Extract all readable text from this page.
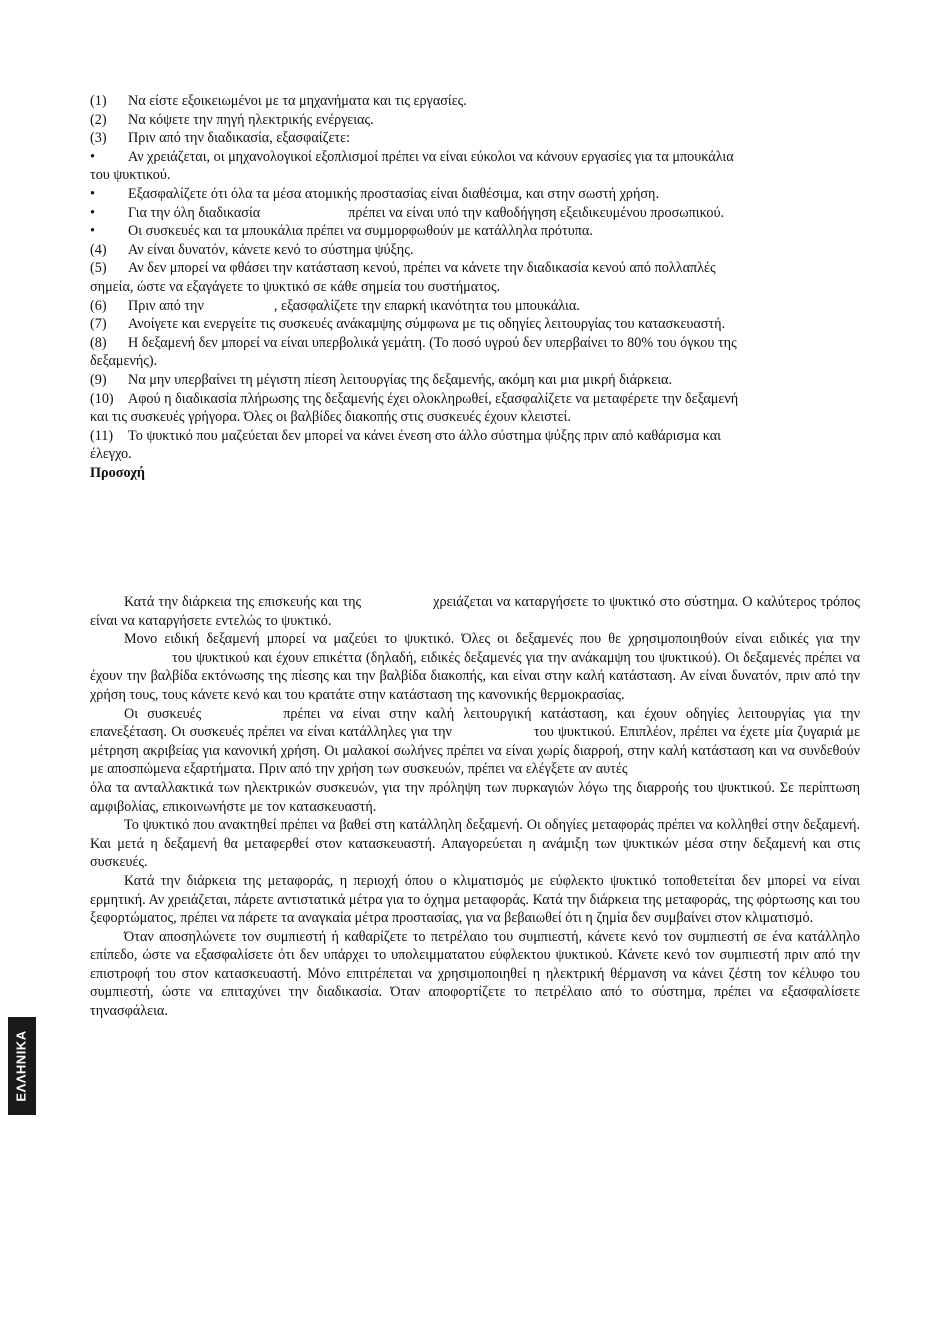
(1) Να είστε εξοικειωμένοι με τα μηχανήματα και τις εργασίες.

(2) Να κόψετε την πηγή ηλεκτρικής ενέργειας.

(3) Πριν από την διαδικασία, εξασφαίζετε:

• Αν χρειάζεται, οι μηχανολογικοί εξοπλισμοί πρέπει να είναι εύκολοι να κάνουν εργασίες για τα μπουκάλια

του ψυκτικού.

• Εξασφαλίζετε ότι όλα τα μέσα ατομικής προστασίας είναι διαθέσιμα, και στην σωστή χρήση.

• Για την όλη διαδικασία	πρέπει να είναι υπό την καθοδήγηση εξειδικευμένου προσωπικού.

• Οι συσκευές και τα μπουκάλια πρέπει να συμμορφωθούν με κατάλληλα πρότυπα.

(4) Αν είναι δυνατόν, κάνετε κενό το σύστημα ψύξης.

(5) Αν δεν μπορεί να φθάσει την κατάσταση κενού, πρέπει να κάνετε την διαδικασία κενού από πολλαπλές

σημεία, ώστε να εξαγάγετε το ψυκτικό σε κάθε σημεία του συστήματος.

(6) Πριν από την	, εξασφαλίζετε την επαρκή ικανότητα του μπουκάλια.

(7) Ανοίγετε και ενεργείτε τις συσκευές ανάκαμψης σύμφωνα με τις οδηγίες λειτουργίας του κατασκευαστή.

(8) Η δεξαμενή δεν μπορεί να είναι υπερβολικά γεμάτη. (Το ποσό υγρού δεν υπερβαίνει το 80% του όγκου της

δεξαμενής).

(9) Να μην υπερβαίνει τη μέγιστη πίεση λειτουργίας της δεξαμενής, ακόμη και μια μικρή διάρκεια.

(10) Αφού η διαδικασία πλήρωσης της δεξαμενής έχει ολοκληρωθεί, εξασφαλίζετε να μεταφέρετε την δεξαμενή

και τις συσκευές γρήγορα. Όλες οι βαλβίδες διακοπής στις συσκευές έχουν κλειστεί.

(11) Το ψυκτικό που μαζεύεται δεν μπορεί να κάνει ένεση στο άλλο σύστημα ψύξης πριν από καθάρισμα και

έλεγχο.

Προσοχή

Κατά την διάρκεια της επισκευής και της	χρειάζεται να καταργήσετε το ψυκτικό στο σύστημα. Ο καλύτερος τρόπος είναι να καταργήσετε εντελώς το ψυκτικό.

Μονο ειδική δεξαμενή μπορεί να μαζεύει το ψυκτικό. Όλες οι δεξαμενές που θε χρησιμοποιηθούν είναι ειδικές για τηντου ψυκτικού και έχουν επικέττα (δηλαδή, ειδικές δεξαμενές για την ανάκαμψη του ψυκτικού). Οι δεξαμενές πρέπει να έχουν την βαλβίδα εκτόνωσης της πίεσης και την βαλβίδα διακοπής, και είναι στην καλή κατάσταση. Αν είναι δυνατόν, πριν από την χρήση τους, τους κάνετε κενό και του κρατάτε στην κατάσταση της κανονικής θερμοκρασίας.

Οι συσκευές	πρέπει να είναι στην καλή λειτουργική κατάσταση, και έχουν οδηγίες λειτουργίας για την επανεξέταση. Οι συσκευές πρέπει να είναι κατάλληλες για την	του ψυκτικού. Επιπλέον, πρέπει να έχετε μία ζυγαριά με μέτρηση ακριβείας για κανονική χρήση. Οι μαλακοί σωλήνες πρέπει να είναι χωρίς διαρροή, στην καλή κατάσταση και να συνδεθούν με αποσπώμενα εξαρτήματα. Πριν από την χρήση των συσκευών, πρέπει να ελέγξετε αν αυτές

όλα τα ανταλλακτικά των ηλεκτρικών συσκευών, για την πρόληψη των πυρκαγιών λόγω της διαρροής του ψυκτικού. Σε περίπτωση αμφιβολίας, επικοινωνήστε με τον κατασκευαστή.

Το ψυκτικό που ανακτηθεί πρέπει να βαθεί στη κατάλληλη δεξαμενή. Οι οδηγίες μεταφοράς πρέπει να κολληθεί στην δεξαμενή. Και μετά η δεξαμενή θα μεταφερθεί στον κατασκευαστή. Απαγορεύεται η ανάμιξη των ψυκτικών μέσα στην δεξαμενή και στις συσκευές.

Κατά την διάρκεια της μεταφοράς, η περιοχή όπου ο κλιματισμός με εύφλεκτο ψυκτικό τοποθετείται δεν μπορεί να είναι ερμητική. Αν χρειάζεται, πάρετε αντιστατικά μέτρα για το όχημα μεταφοράς. Κατά την διάρκεια της μεταφοράς, της φόρτωσης και του ξεφορτώματος, πρέπει να πάρετε τα αναγκαία μέτρα προστασίας, για να βεβαιωθεί ότι η ζημία δεν συμβαίνει στον κλιματισμό.

Όταν αποσηλώνετε τον συμπιεστή ή καθαρίζετε το πετρέλαιο του συμπιεστή, κάνετε κενό τον συμπιεστή σε ένα κατάλληλο επίπεδο, ώστε να εξασφαλίσετε ότι δεν υπάρχει το υπολειμματατου εύφλεκτου ψυκτικού. Κάνετε κενό τον συμπιεστή πριν από την επιστροφή του στον κατασκευαστή. Μόνο επιτρέπεται να χρησιμοποιηθεί η ηλεκτρική θέρμανση να κάνει ζέστη τον κέλυφο του συμπιεστή, ώστε να επιταχύνει την διαδικασία. Όταν αποφορτίζετε το πετρέλαιο από το σύστημα, πρέπει να εξασφαλίσετε τηνασφάλεια.

ΕΛΛΗΝΙΚΑ
